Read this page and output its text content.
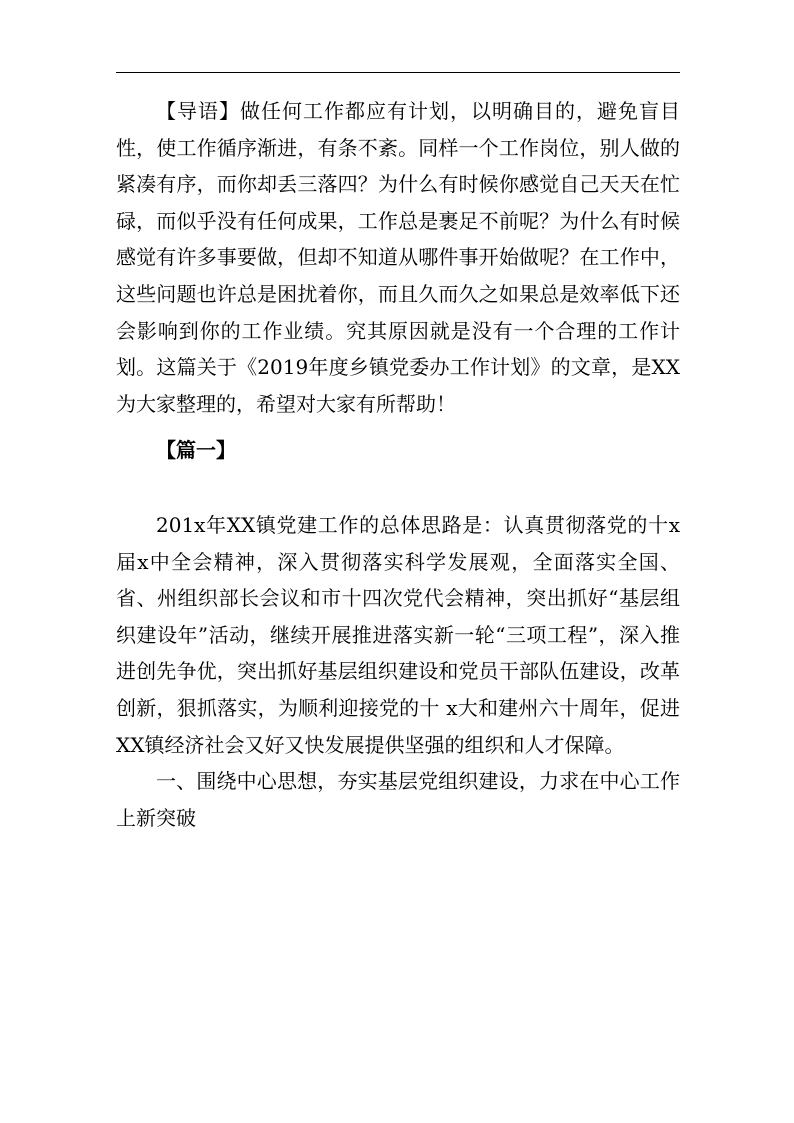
【导语】做任何工作都应有计划，以明确目的，避免盲目性，使工作循序渐进，有条不紊。同样一个工作岗位，别人做的紧凑有序，而你却丢三落四？为什么有时候你感觉自己天天在忙碌，而似乎没有任何成果，工作总是裹足不前呢？为什么有时候感觉有许多事要做，但却不知道从哪件事开始做呢？在工作中，这些问题也许总是困扰着你，而且久而久之如果总是效率低下还会影响到你的工作业绩。究其原因就是没有一个合理的工作计划。这篇关于《2019年度乡镇党委办工作计划》的文章，是XX为大家整理的，希望对大家有所帮助！

【篇一】

201x年XX镇党建工作的总体思路是：认真贯彻落党的十x届x中全会精神，深入贯彻落实科学发展观，全面落实全国、省、州组织部长会议和市十四次党代会精神，突出抓好“基层组织建设年”活动，继续开展推进落实新一轮“三项工程”，深入推进创先争优，突出抓好基层组织建设和党员干部队伍建设，改革创新，狠抓落实，为顺利迎接党的十 x大和建州六十周年，促进XX镇经济社会又好又快发展提供坚强的组织和人才保障。

一、围绕中心思想，夯实基层党组织建设，力求在中心工作上新突破
